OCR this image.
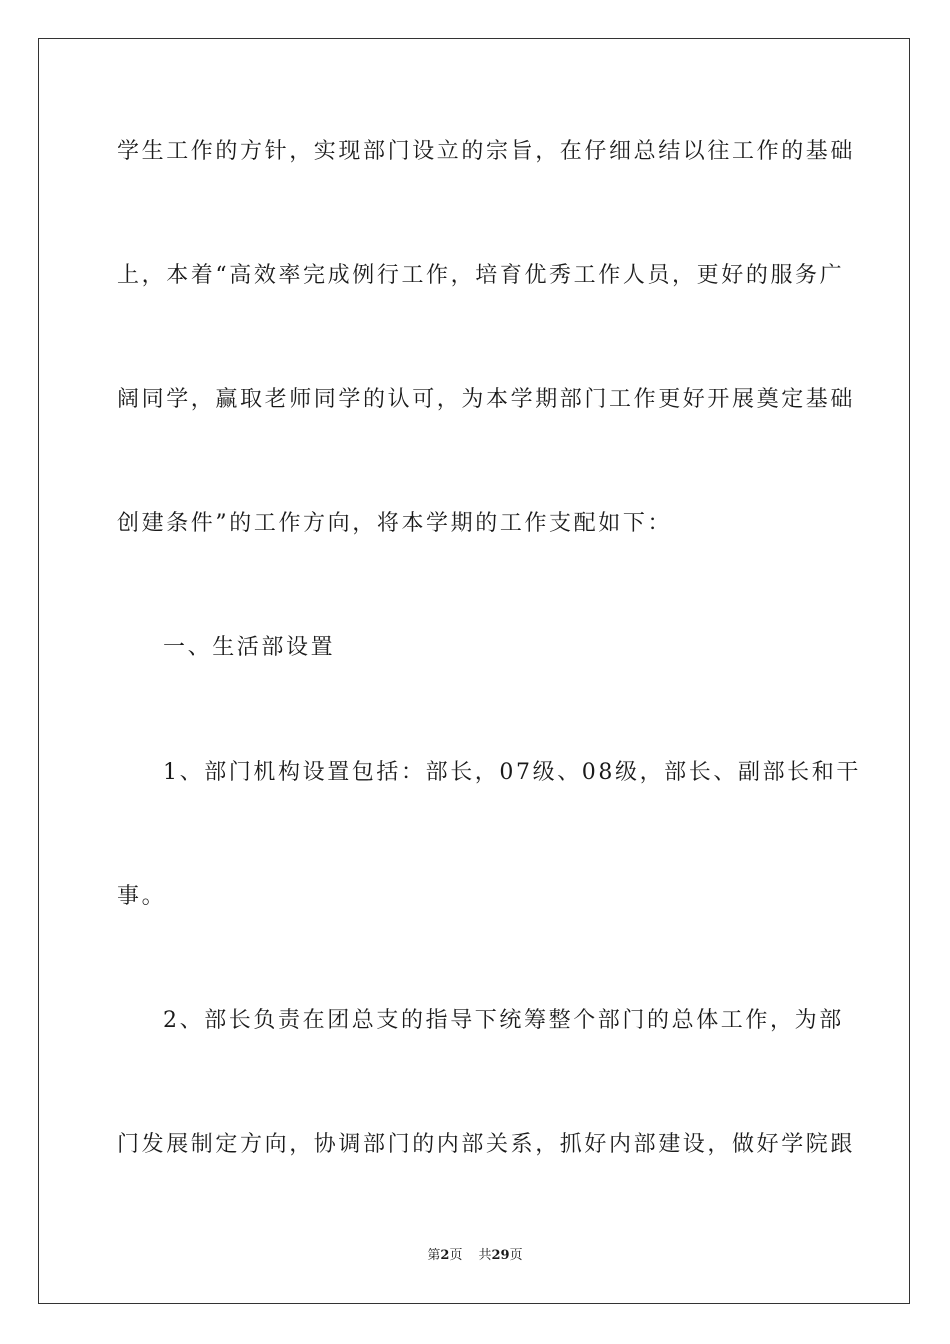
学生工作的方针，实现部门设立的宗旨，在仔细总结以往工作的基础
上，本着“高效率完成例行工作，培育优秀工作人员，更好的服务广
阔同学，赢取老师同学的认可，为本学期部门工作更好开展奠定基础
创建条件”的工作方向，将本学期的工作支配如下：
一、生活部设置
1、部门机构设置包括：部长，07级、08级，部长、副部长和干
事。
2、部长负责在团总支的指导下统筹整个部门的总体工作，为部
门发展制定方向，协调部门的内部关系，抓好内部建设，做好学院跟
第2页 共29页
